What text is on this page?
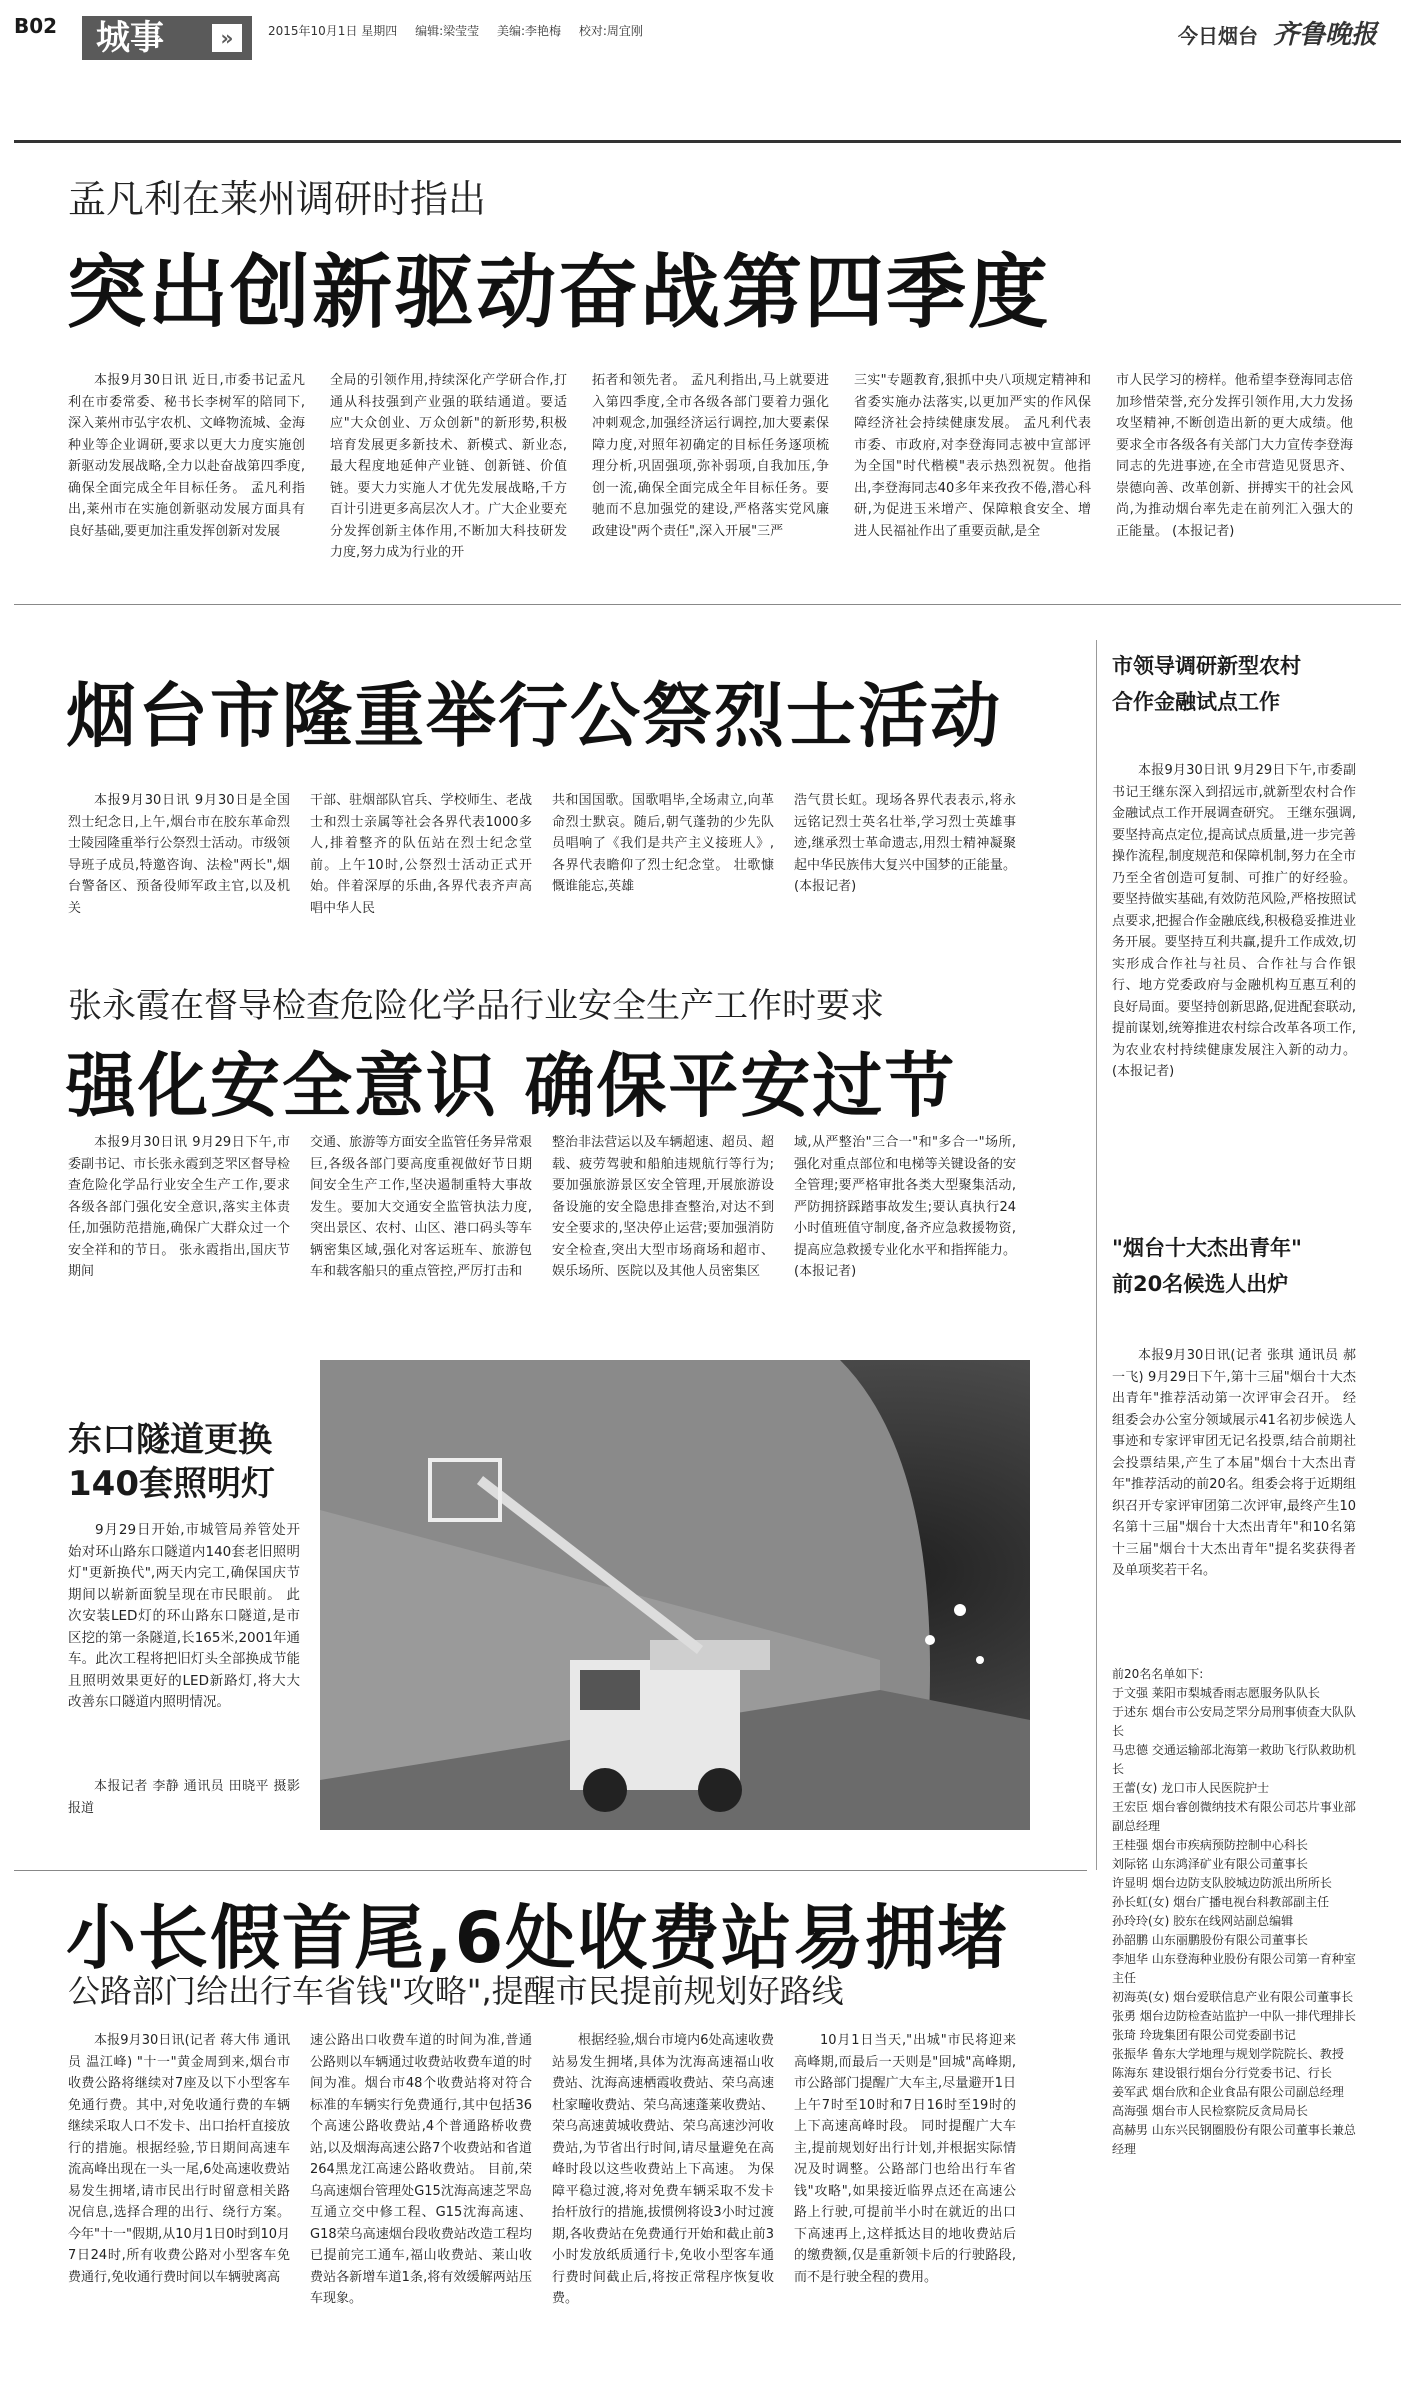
B02	城事	»	2015年10月1日 星期四 编辑:梁莹莹 美编:李艳梅 校对:周宜刚	今日烟台 齐鲁晚报
孟凡利在莱州调研时指出
突出创新驱动奋战第四季度

本报9月30日讯 近日,市委书记孟凡利在市委常委、秘书长李树军的陪同下,深入莱州市弘宇农机、文峰物流城、金海种业等企业调研,要求以更大力度实施创新驱动发展战略,全力以赴奋战第四季度,确保全面完成全年目标任务。 孟凡利指出,莱州市在实施创新驱动发展方面具有良好基础,要更加注重发挥创新对发展

全局的引领作用,持续深化产学研合作,打通从科技强到产业强的联结通道。要适应"大众创业、万众创新"的新形势,积极培育发展更多新技术、新模式、新业态,最大程度地延伸产业链、创新链、价值链。要大力实施人才优先发展战略,千方百计引进更多高层次人才。广大企业要充分发挥创新主体作用,不断加大科技研发力度,努力成为行业的开

拓者和领先者。 孟凡利指出,马上就要进入第四季度,全市各级各部门要着力强化冲刺观念,加强经济运行调控,加大要素保障力度,对照年初确定的目标任务逐项梳理分析,巩固强项,弥补弱项,自我加压,争创一流,确保全面完成全年目标任务。要驰而不息加强党的建设,严格落实党风廉政建设"两个责任",深入开展"三严

三实"专题教育,狠抓中央八项规定精神和省委实施办法落实,以更加严实的作风保障经济社会持续健康发展。 孟凡利代表市委、市政府,对李登海同志被中宣部评为全国"时代楷模"表示热烈祝贺。他指出,李登海同志40多年来孜孜不倦,潜心科研,为促进玉米增产、保障粮食安全、增进人民福祉作出了重要贡献,是全

市人民学习的榜样。他希望李登海同志倍加珍惜荣誉,充分发挥引领作用,大力发扬攻坚精神,不断创造出新的更大成绩。他要求全市各级各有关部门大力宣传李登海同志的先进事迹,在全市营造见贤思齐、崇德向善、改革创新、拼搏实干的社会风尚,为推动烟台率先走在前列汇入强大的正能量。 (本报记者)

烟台市隆重举行公祭烈士活动

本报9月30日讯 9月30日是全国烈士纪念日,上午,烟台市在胶东革命烈士陵园隆重举行公祭烈士活动。市级领导班子成员,特邀咨询、法检"两长",烟台警备区、预备役师军政主官,以及机关

干部、驻烟部队官兵、学校师生、老战士和烈士亲属等社会各界代表1000多人,排着整齐的队伍站在烈士纪念堂前。上午10时,公祭烈士活动正式开始。伴着深厚的乐曲,各界代表齐声高唱中华人民

共和国国歌。国歌唱毕,全场肃立,向革命烈士默哀。随后,朝气蓬勃的少先队员唱响了《我们是共产主义接班人》,各界代表瞻仰了烈士纪念堂。 壮歌慷慨谁能忘,英雄

浩气贯长虹。现场各界代表表示,将永远铭记烈士英名壮举,学习烈士英雄事迹,继承烈士革命遗志,用烈士精神凝聚起中华民族伟大复兴中国梦的正能量。 (本报记者)

市领导调研新型农村
合作金融试点工作

本报9月30日讯 9月29日下午,市委副书记王继东深入到招远市,就新型农村合作金融试点工作开展调查研究。 王继东强调,要坚持高点定位,提高试点质量,进一步完善操作流程,制度规范和保障机制,努力在全市乃至全省创造可复制、可推广的好经验。要坚持做实基础,有效防范风险,严格按照试点要求,把握合作金融底线,积极稳妥推进业务开展。要坚持互利共赢,提升工作成效,切实形成合作社与社员、合作社与合作银行、地方党委政府与金融机构互惠互利的良好局面。要坚持创新思路,促进配套联动,提前谋划,统筹推进农村综合改革各项工作,为农业农村持续健康发展注入新的动力。 (本报记者)

张永霞在督导检查危险化学品行业安全生产工作时要求
强化安全意识 确保平安过节

本报9月30日讯 9月29日下午,市委副书记、市长张永霞到芝罘区督导检查危险化学品行业安全生产工作,要求各级各部门强化安全意识,落实主体责任,加强防范措施,确保广大群众过一个安全祥和的节日。 张永霞指出,国庆节期间

交通、旅游等方面安全监管任务异常艰巨,各级各部门要高度重视做好节日期间安全生产工作,坚决遏制重特大事故发生。要加大交通安全监管执法力度,突出景区、农村、山区、港口码头等车辆密集区域,强化对客运班车、旅游包车和载客船只的重点管控,严厉打击和

整治非法营运以及车辆超速、超员、超载、疲劳驾驶和船舶违规航行等行为;要加强旅游景区安全管理,开展旅游设备设施的安全隐患排查整治,对达不到安全要求的,坚决停止运营;要加强消防安全检查,突出大型市场商场和超市、娱乐场所、医院以及其他人员密集区

域,从严整治"三合一"和"多合一"场所,强化对重点部位和电梯等关键设备的安全管理;要严格审批各类大型聚集活动,严防拥挤踩踏事故发生;要认真执行24小时值班值守制度,备齐应急救援物资,提高应急救援专业化水平和指挥能力。 (本报记者)

"烟台十大杰出青年"
前20名候选人出炉

本报9月30日讯(记者 张琪 通讯员 郝一飞) 9月29日下午,第十三届"烟台十大杰出青年"推荐活动第一次评审会召开。 经组委会办公室分领域展示41名初步候选人事迹和专家评审团无记名投票,结合前期社会投票结果,产生了本届"烟台十大杰出青年"推荐活动的前20名。组委会将于近期组织召开专家评审团第二次评审,最终产生10名第十三届"烟台十大杰出青年"和10名第十三届"烟台十大杰出青年"提名奖获得者及单项奖若干名。

前20名名单如下:
于文强 莱阳市梨城香雨志愿服务队队长
于述东 烟台市公安局芝罘分局刑事侦查大队队长
马忠德 交通运输部北海第一救助飞行队救助机长
王蕾(女) 龙口市人民医院护士
王宏臣 烟台睿创微纳技术有限公司芯片事业部副总经理
王桂强 烟台市疾病预防控制中心科长
刘际铭 山东鸿泽矿业有限公司董事长
许显明 烟台边防支队胶城边防派出所所长
孙长虹(女) 烟台广播电视台科教部副主任
孙玲玲(女) 胶东在线网站副总编辑
孙韶鹏 山东丽鹏股份有限公司董事长
李旭华 山东登海种业股份有限公司第一育种室主任
初海英(女) 烟台爱联信息产业有限公司董事长
张勇 烟台边防检查站监护一中队一排代理排长
张琦 玲珑集团有限公司党委副书记
张振华 鲁东大学地理与规划学院院长、教授
陈海东 建设银行烟台分行党委书记、行长
姜军武 烟台欣和企业食品有限公司副总经理
高海强 烟台市人民检察院反贪局局长
高赫男 山东兴民钢圈股份有限公司董事长兼总经理
东口隧道更换
140套照明灯

9月29日开始,市城管局养管处开始对环山路东口隧道内140套老旧照明灯"更新换代",两天内完工,确保国庆节期间以崭新面貌呈现在市民眼前。 此次安装LED灯的环山路东口隧道,是市区挖的第一条隧道,长165米,2001年通车。此次工程将把旧灯头全部换成节能且照明效果更好的LED新路灯,将大大改善东口隧道内照明情况。

本报记者 李静 通讯员 田晓平 摄影报道

小长假首尾,6处收费站易拥堵
公路部门给出行车省钱"攻略",提醒市民提前规划好路线

本报9月30日讯(记者 蒋大伟 通讯员 温江峰) "十一"黄金周到来,烟台市收费公路将继续对7座及以下小型客车免通行费。其中,对免收通行费的车辆继续采取人口不发卡、出口抬杆直接放行的措施。根据经验,节日期间高速车流高峰出现在一头一尾,6处高速收费站易发生拥堵,请市民出行时留意相关路况信息,选择合理的出行、绕行方案。 今年"十一"假期,从10月1日0时到10月7日24时,所有收费公路对小型客车免费通行,免收通行费时间以车辆驶离高

速公路出口收费车道的时间为准,普通公路则以车辆通过收费站收费车道的时间为准。烟台市48个收费站将对符合标准的车辆实行免费通行,其中包括36个高速公路收费站,4个普通路桥收费站,以及烟海高速公路7个收费站和省道264黑龙江高速公路收费站。 目前,荣乌高速烟台管理处G15沈海高速芝罘岛互通立交中修工程、G15沈海高速、G18荣乌高速烟台段收费站改造工程均已提前完工通车,福山收费站、莱山收费站各新增车道1条,将有效缓解两站压车现象。

根据经验,烟台市境内6处高速收费站易发生拥堵,具体为沈海高速福山收费站、沈海高速栖霞收费站、荣乌高速杜家疃收费站、荣乌高速蓬莱收费站、荣乌高速黄城收费站、荣乌高速沙河收费站,为节省出行时间,请尽量避免在高峰时段以这些收费站上下高速。 为保障平稳过渡,将对免费车辆采取不发卡抬杆放行的措施,拔惯例将设3小时过渡期,各收费站在免费通行开始和截止前3小时发放纸质通行卡,免收小型客车通行费时间截止后,将按正常程序恢复收费。

10月1日当天,"出城"市民将迎来高峰期,而最后一天则是"回城"高峰期,市公路部门提醒广大车主,尽量避开1日上午7时至10时和7日16时至19时的上下高速高峰时段。 同时提醒广大车主,提前规划好出行计划,并根据实际情况及时调整。公路部门也给出行车省钱"攻略",如果接近临界点还在高速公路上行驶,可提前半小时在就近的出口下高速再上,这样抵达目的地收费站后的缴费额,仅是重新领卡后的行驶路段,而不是行驶全程的费用。
